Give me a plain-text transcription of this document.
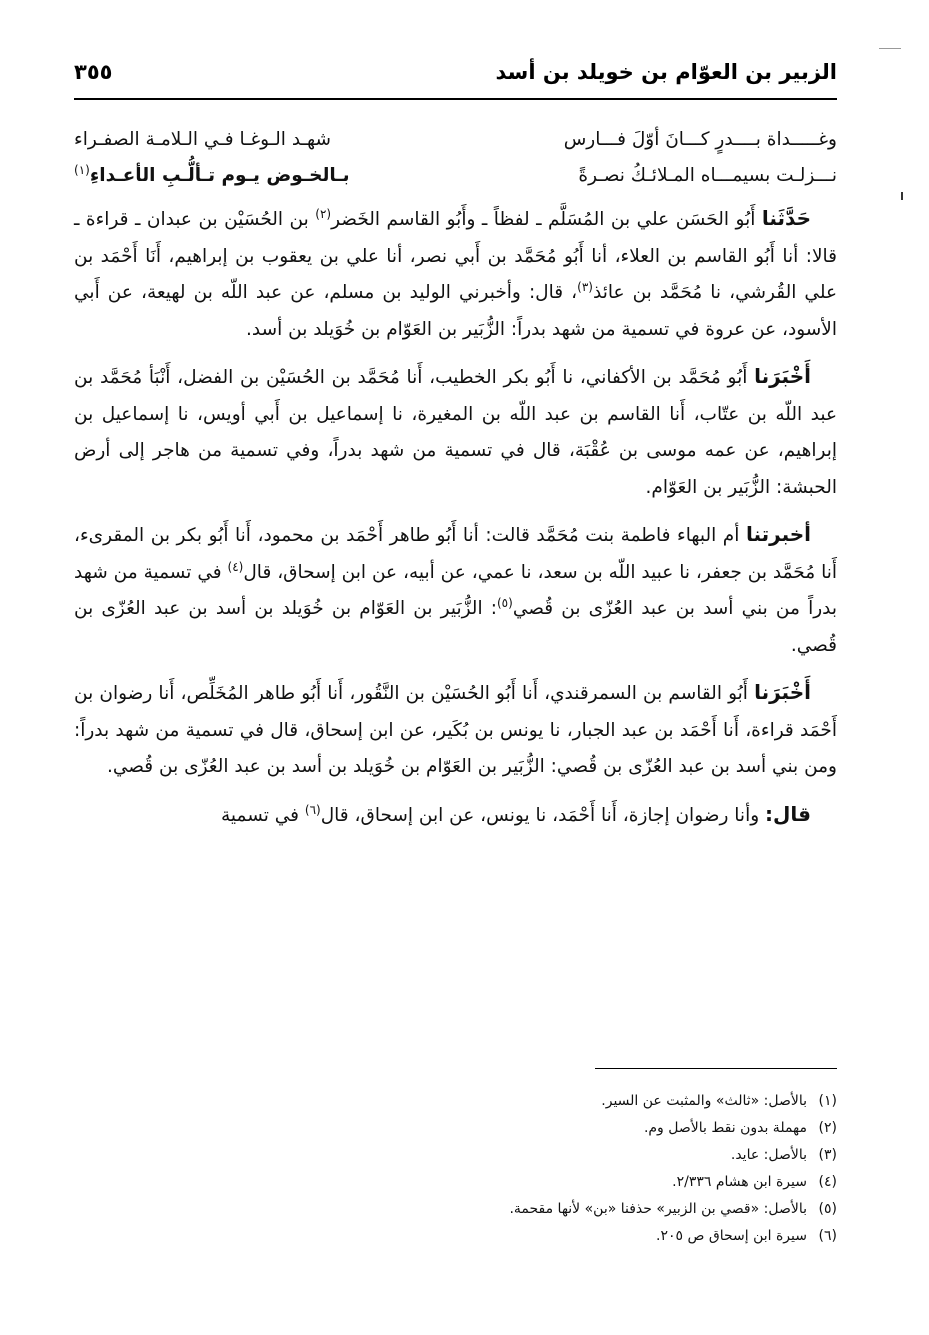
الزبير بن العوّام بن خويلد بن أسد
٣٥٥
وغـــــداة بــــدرٍ كـــانَ أوّلَ فـــارس
شهـد الـوغـا فـي الـلامـة الصفـراء
نـــزلـت بسيمـــاه المـلائـكُ نصـرةً
بـالخـوض يـوم تـألُّـبِ الأعـداءِ$^{(١)}$

حَدَّثَنا أَبُو الحَسَن علي بن المُسَلَّم ـ لفظاً ـ وأَبُو القاسم الخَضر$^{(٢)}$ بن الحُسَيْن بن عبدان ـ قراءة ـ قالا: أنا أَبُو القاسم بن العلاء، أنا أَبُو مُحَمَّد بن أَبي نصر، أنا علي بن يعقوب بن إبراهيم، أَنَا أَحْمَد بن علي القُرشي، نا مُحَمَّد بن عائذ$^{(٣)}$، قال: وأخبرني الوليد بن مسلم، عن عبد اللّه بن لهيعة، عن أَبي الأسود، عن عروة في تسمية من شهد بدراً: الزُّبَير بن العَوّام بن خُوَيلد بن أسد.

أَخْبَرَنا أَبُو مُحَمَّد بن الأكفاني، نا أَبُو بكر الخطيب، أَنا مُحَمَّد بن الحُسَيْن بن الفضل، أَنْبَأ مُحَمَّد بن عبد اللّه بن عتّاب، أَنا القاسم بن عبد اللّه بن المغيرة، نا إسماعيل بن أَبي أويس، نا إسماعيل بن إبراهيم، عن عمه موسى بن عُقْبَة، قال في تسمية من شهد بدراً، وفي تسمية من هاجر إلى أرض الحبشة: الزُّبَير بن العَوّام.

أخبرتنا أم البهاء فاطمة بنت مُحَمَّد قالت: أنا أَبُو طاهر أَحْمَد بن محمود، أَنا أَبُو بكر بن المقرىء، أَنا مُحَمَّد بن جعفر، نا عبيد اللّه بن سعد، نا عمي، عن أبيه، عن ابن إسحاق، قال$^{(٤)}$ في تسمية من شهد بدراً من بني أسد بن عبد العُزّى بن قُصي$^{(٥)}$: الزُّبَير بن العَوّام بن خُوَيلد بن أسد بن عبد العُزّى بن قُصي.

أَخْبَرَنا أَبُو القاسم بن السمرقندي، أَنا أَبُو الحُسَيْن بن النَّقُور، أَنا أَبُو طاهر المُخَلِّص، أَنا رضوان بن أَحْمَد قراءة، أَنا أَحْمَد بن عبد الجبار، نا يونس بن بُكَير، عن ابن إسحاق، قال في تسمية من شهد بدراً: ومن بني أسد بن عبد العُزّى بن قُصي: الزُّبَير بن العَوّام بن خُوَيلد بن أسد بن عبد العُزّى بن قُصي.

قال: وأنا رضوان إجازة، أَنا أَحْمَد، نا يونس، عن ابن إسحاق، قال$^{(٦)}$ في تسمية

(١)بالأصل: «ثالث» والمثبت عن السير.
(٢)مهملة بدون نقط بالأصل وم.
(٣)بالأصل: عايد.
(٤)سيرة ابن هشام ٢/٣٣٦.
(٥)بالأصل: «قصي بن الزبير» حذفنا «بن» لأنها مقحمة.
(٦)سيرة ابن إسحاق ص ٢٠٥.
